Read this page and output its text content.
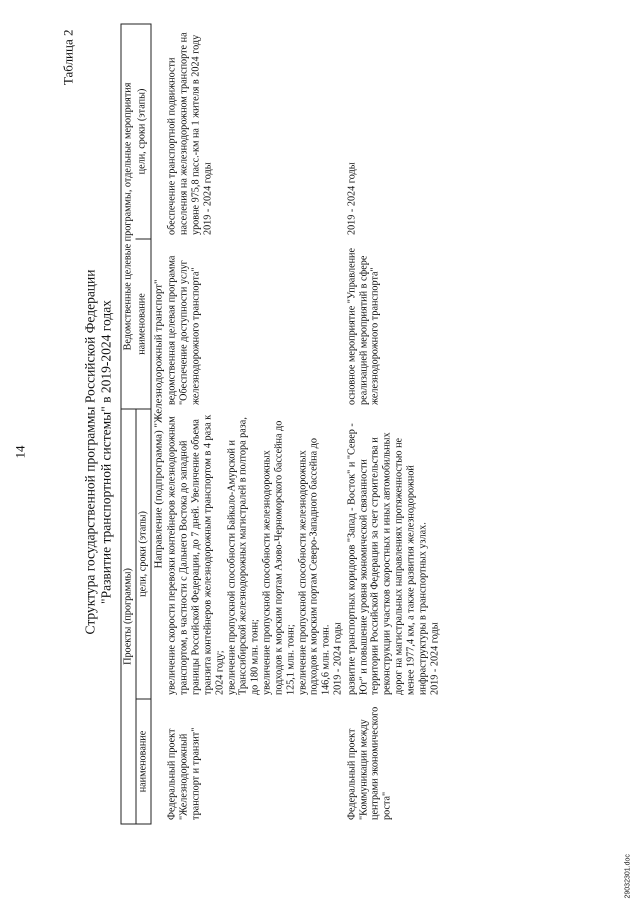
14
Таблица 2
Структура государственной программы Российской Федерации "Развитие транспортной системы" в 2019-2024 годах
Проекты (программы)		Ведомственные целевые программы, отдельные мероприятия	
наименование	цели, сроки (этапы)	наименование	цели, сроки (этапы)
Направление (подпрограмма) "Железнодорожный транспорт"			
Федеральный проект "Железнодорожный транспорт и транзит"	увеличение скорости перевозки контейнеров железнодорожным транспортом, в частности с Дальнего Востока до западной границы Российской Федерации, до 7 дней. Увеличение объема транзита контейнеров железнодорожным транспортом в 4 раза к 2024 году; увеличение пропускной способности Байкало-Амурской и Транссибирской железнодорожных магистралей в полтора раза, до 180 млн. тонн; увеличение пропускной способности железнодорожных подходов к морским портам Азово-Черноморского бассейна до 125,1 млн. тонн; увеличение пропускной способности железнодорожных подходов к морским портам Северо-Западного бассейна до 146,6 млн. тонн. 2019 - 2024 годы	ведомственная целевая программа "Обеспечение доступности услуг железнодорожного транспорта"	обеспечение транспортной подвижности населения на железнодорожном транспорте на уровне 975,8 пасс.-км на 1 жителя в 2024 году 2019 - 2024 годы
Федеральный проект "Коммуникации между центрами экономического роста"	развитие транспортных коридоров "Запад - Восток" и "Север - Юг" и повышение уровня экономической связанности территории Российской Федерации за счет строительства и реконструкции участков скоростных и иных автомобильных дорог на магистральных направлениях протяженностью не менее 1977,4 км, а также развития железнодорожной инфраструктуры в транспортных узлах. 2019 - 2024 годы	основное мероприятие "Управление реализацией мероприятий в сфере железнодорожного транспорта"	2019 - 2024 годы
29032301.doc
